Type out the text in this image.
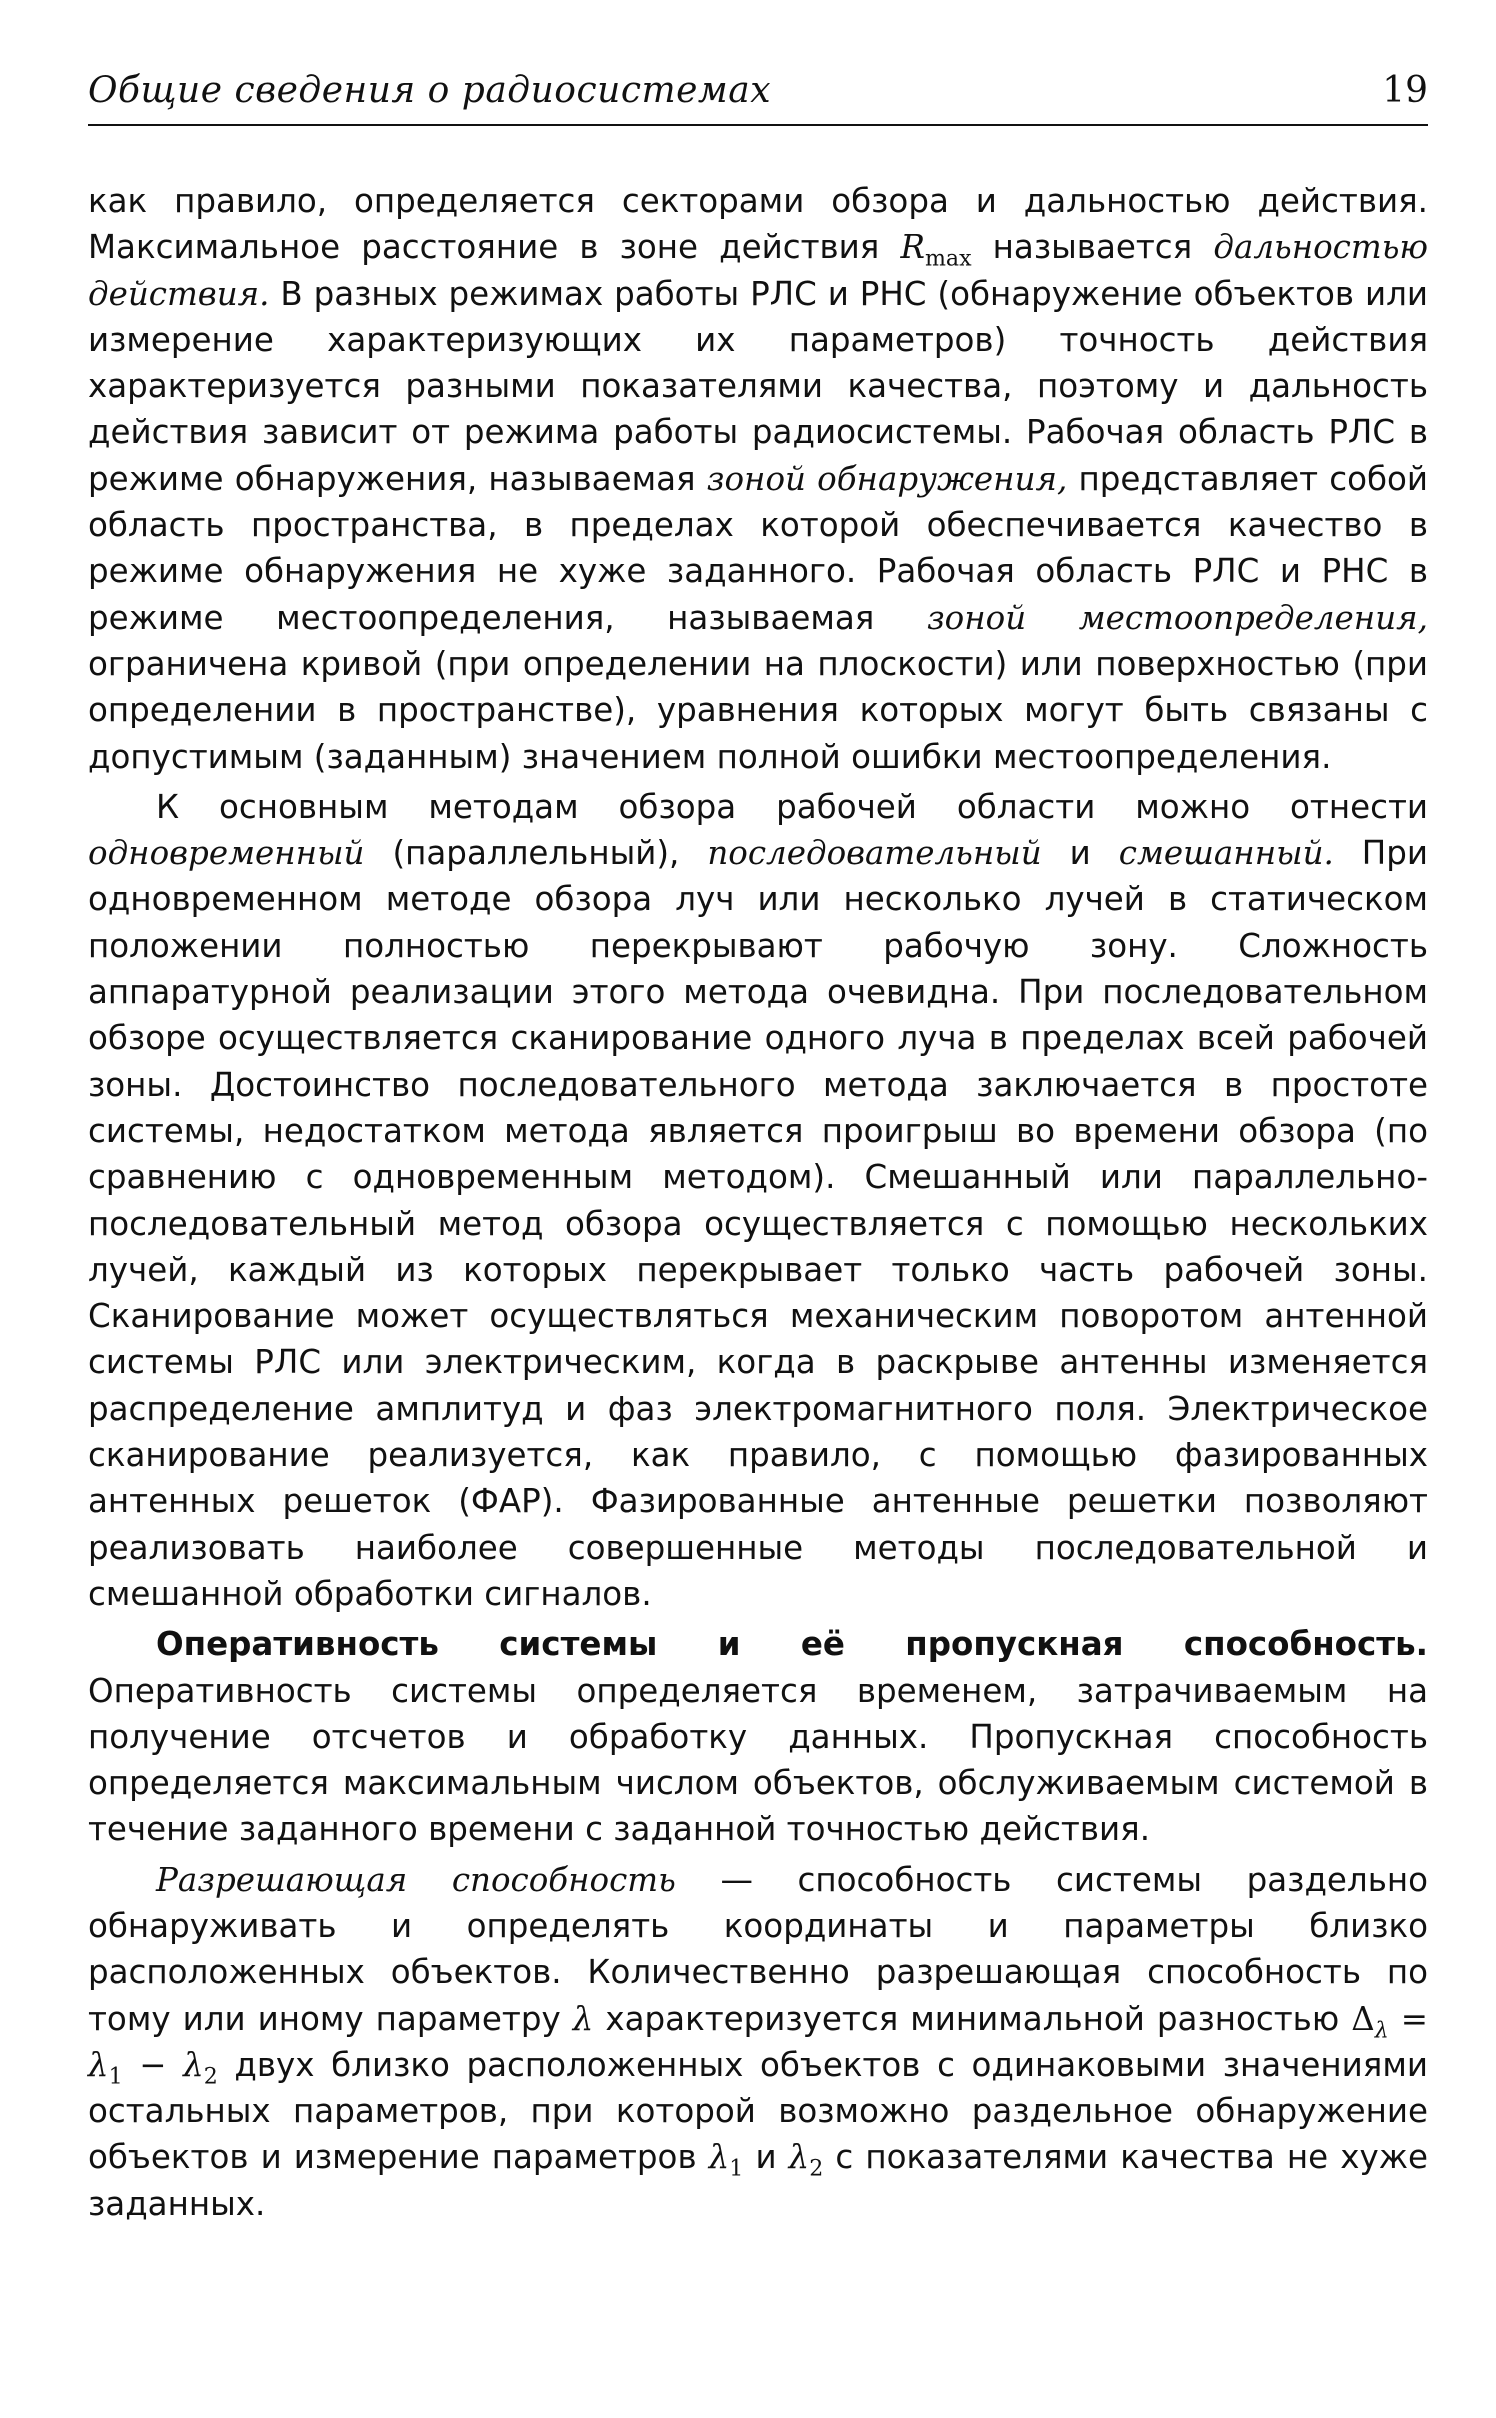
Общие сведения о радиосистемах	19

как правило, определяется секторами обзора и дальностью действия. Максимальное расстояние в зоне действия $R_{max}$ называется дальностью действия. В разных режимах работы РЛС и РНС (обнаружение объектов или измерение характеризующих их параметров) точность действия характеризуется разными показателями качества, поэтому и дальность действия зависит от режима работы радиосистемы. Рабочая область РЛС в режиме обнаружения, называемая зоной обнаружения, представляет собой область пространства, в пределах которой обеспечивается качество в режиме обнаружения не хуже заданного. Рабочая область РЛС и РНС в режиме местоопределения, называемая зоной местоопределения, ограничена кривой (при определении на плоскости) или поверхностью (при определении в пространстве), уравнения которых могут быть связаны с допустимым (заданным) значением полной ошибки местоопределения.

К основным методам обзора рабочей области можно отнести одновременный (параллельный), последовательный и смешанный. При одновременном методе обзора луч или несколько лучей в статическом положении полностью перекрывают рабочую зону. Сложность аппаратурной реализации этого метода очевидна. При последовательном обзоре осуществляется сканирование одного луча в пределах всей рабочей зоны. Достоинство последовательного метода заключается в простоте системы, недостатком метода является проигрыш во времени обзора (по сравнению с одновременным методом). Смешанный или параллельно-последовательный метод обзора осуществляется с помощью нескольких лучей, каждый из которых перекрывает только часть рабочей зоны. Сканирование может осуществляться механическим поворотом антенной системы РЛС или электрическим, когда в раскрыве антенны изменяется распределение амплитуд и фаз электромагнитного поля. Электрическое сканирование реализуется, как правило, с помощью фазированных антенных решеток (ФАР). Фазированные антенные решетки позволяют реализовать наиболее совершенные методы последовательной и смешанной обработки сигналов.

Оперативность системы и её пропускная способность. Оперативность системы определяется временем, затрачиваемым на получение отсчетов и обработку данных. Пропускная способность определяется максимальным числом объектов, обслуживаемым системой в течение заданного времени с заданной точностью действия.

Разрешающая способность — способность системы раздельно обнаруживать и определять координаты и параметры близко расположенных объектов. Количественно разрешающая способность по тому или иному параметру λ характеризуется минимальной разностью $\Delta_\lambda = \lambda_1 - \lambda_2$ двух близко расположенных объектов с одинаковыми значениями остальных параметров, при которой возможно раздельное обнаружение объектов и измерение параметров $\lambda_1$ и $\lambda_2$ с показателями качества не хуже заданных.
